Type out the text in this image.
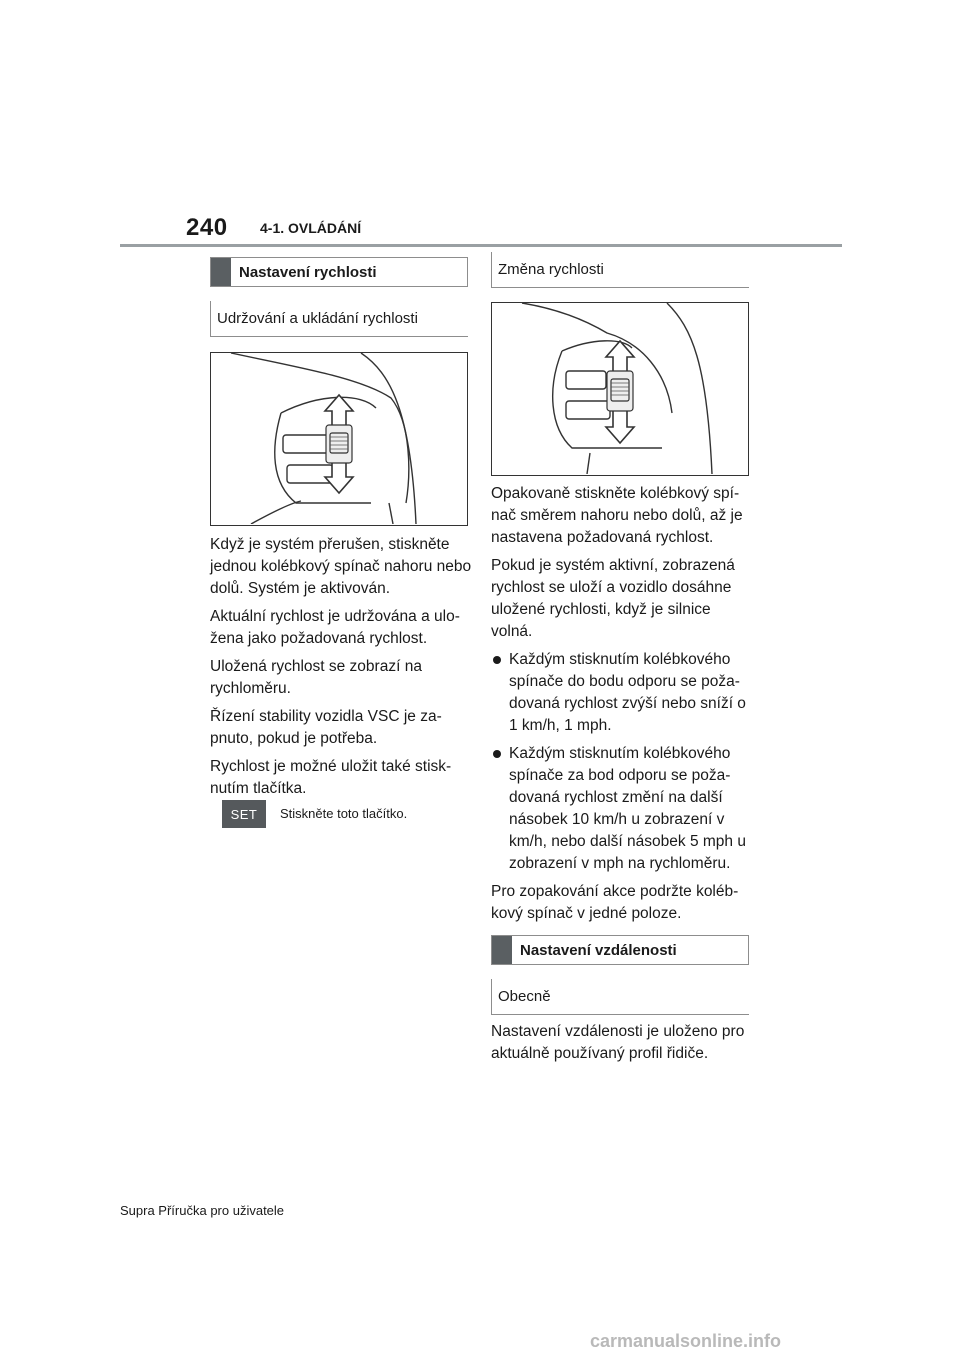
240 4-1. OVLÁDÁNÍ
Nastavení rychlosti
Udržování a ukládání rychlosti

Když je systém přerušen, stiskněte jednou kolébkový spínač nahoru nebo dolů. Systém je aktivován.

Aktuální rychlost je udržována a uložena jako požadovaná rychlost.

Uložená rychlost se zobrazí na rychloměru.

Řízení stability vozidla VSC je zapnuto, pokud je potřeba.

Rychlost je možné uložit také stisknutím tlačítka.

SET	Stiskněte toto tlačítko.
Změna rychlosti

Opakovaně stiskněte kolébkový spínač směrem nahoru nebo dolů, až je nastavena požadovaná rychlost.

Pokud je systém aktivní, zobrazená rychlost se uloží a vozidlo dosáhne uložené rychlosti, když je silnice volná.

Každým stisknutím kolébkového spínače do bodu odporu se požadovaná rychlost zvýší nebo sníží o 1 km/h, 1 mph.
Každým stisknutím kolébkového spínače za bod odporu se požadovaná rychlost změní na další násobek 10 km/h u zobrazení v km/h, nebo další násobek 5 mph u zobrazení v mph na rychloměru.

Pro zopakování akce podržte kolébkový spínač v jedné poloze.

Nastavení vzdálenosti
Obecně

Nastavení vzdálenosti je uloženo pro aktuálně používaný profil řidiče.

Supra Příručka pro uživatele
carmanualsonline.info
